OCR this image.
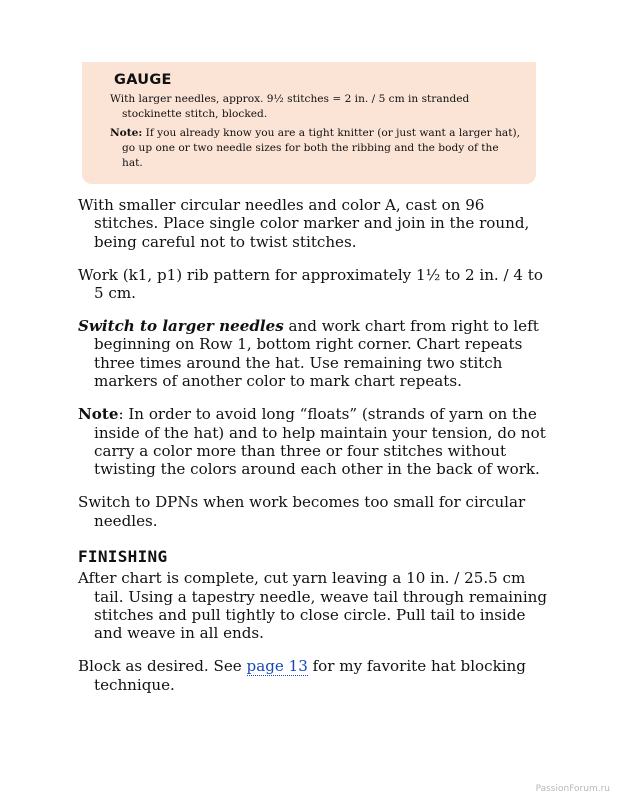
GAUGE

With larger needles, approx. 9½ stitches = 2 in. / 5 cm in stranded stockinette stitch, blocked.

Note: If you already know you are a tight knitter (or just want a larger hat), go up one or two needle sizes for both the ribbing and the body of the hat.

With smaller circular needles and color A, cast on 96 stitches. Place single color marker and join in the round, being careful not to twist stitches.

Work (k1, p1) rib pattern for approximately 1½ to 2 in. / 4 to 5 cm.

Switch to larger needles and work chart from right to left beginning on Row 1, bottom right corner. Chart repeats three times around the hat. Use remaining two stitch markers of another color to mark chart repeats.

Note: In order to avoid long “floats” (strands of yarn on the inside of the hat) and to help maintain your tension, do not carry a color more than three or four stitches without twisting the colors around each other in the back of work.

Switch to DPNs when work becomes too small for circular needles.

FINISHING

After chart is complete, cut yarn leaving a 10 in. / 25.5 cm tail. Using a tapestry needle, weave tail through remaining stitches and pull tightly to close circle. Pull tail to inside and weave in all ends.

Block as desired. See page 13 for my favorite hat blocking technique.

PassionForum.ru
